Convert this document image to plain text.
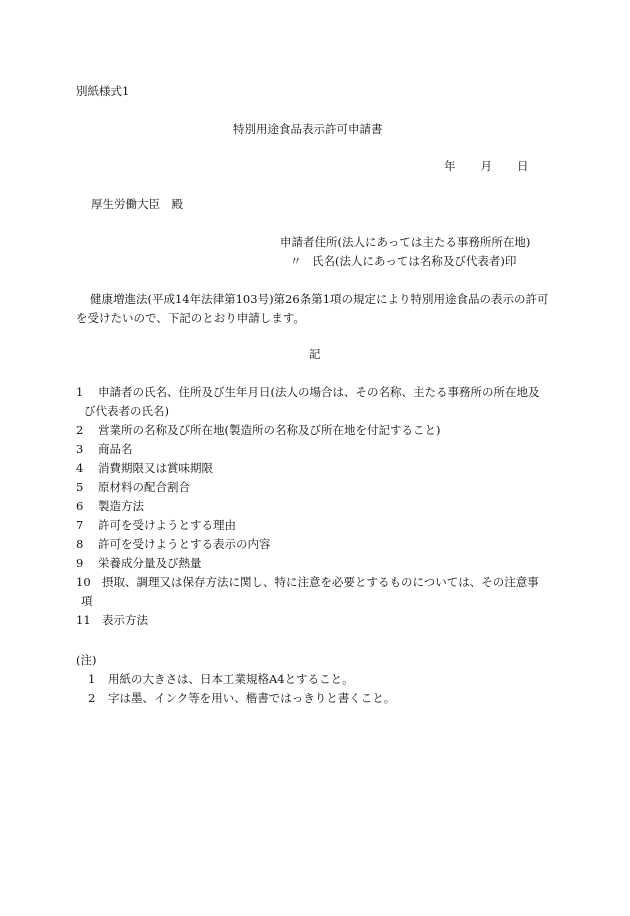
別紙様式1
特別用途食品表示許可申請書
年 月 日
厚生労働大臣　殿
申請者住所(法人にあっては主たる事務所所在地)
〃 氏名(法人にあっては名称及び代表者)印
健康増進法(平成14年法律第103号)第26条第1項の規定により特別用途食品の表示の許可
を受けたいので、下記のとおり申請します。
記
1 申請者の氏名、住所及び生年月日(法人の場合は、その名称、主たる事務所の所在地及
び代表者の氏名)
2 営業所の名称及び所在地(製造所の名称及び所在地を付記すること)
3 商品名
4 消費期限又は賞味期限
5 原材料の配合割合
6 製造方法
7 許可を受けようとする理由
8 許可を受けようとする表示の内容
9 栄養成分量及び熱量
10 摂取、調理又は保存方法に関し、特に注意を必要とするものについては、その注意事
項
11 表示方法
(注)
1 用紙の大きさは、日本工業規格A4とすること。
2 字は墨、インク等を用い、楷書ではっきりと書くこと。
